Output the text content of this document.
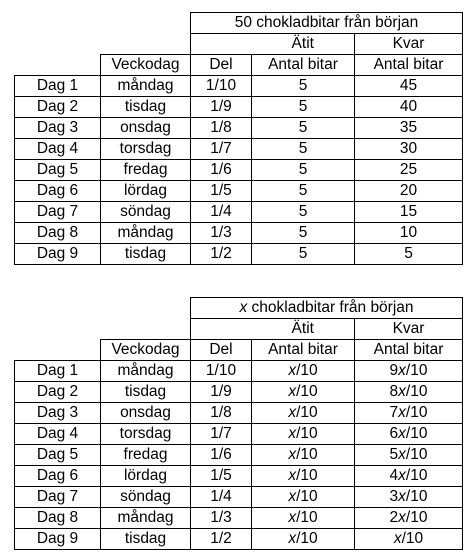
		50 chokladbitar från början		
			Ätit	Kvar
	Veckodag	Del	Antal bitar	Antal bitar
Dag 1	måndag	1/10	5	45
Dag 2	tisdag	1/9	5	40
Dag 3	onsdag	1/8	5	35
Dag 4	torsdag	1/7	5	30
Dag 5	fredag	1/6	5	25
Dag 6	lördag	1/5	5	20
Dag 7	söndag	1/4	5	15
Dag 8	måndag	1/3	5	10
Dag 9	tisdag	1/2	5	5
		x chokladbitar från början		
			Ätit	Kvar
	Veckodag	Del	Antal bitar	Antal bitar
Dag 1	måndag	1/10	x/10	9x/10
Dag 2	tisdag	1/9	x/10	8x/10
Dag 3	onsdag	1/8	x/10	7x/10
Dag 4	torsdag	1/7	x/10	6x/10
Dag 5	fredag	1/6	x/10	5x/10
Dag 6	lördag	1/5	x/10	4x/10
Dag 7	söndag	1/4	x/10	3x/10
Dag 8	måndag	1/3	x/10	2x/10
Dag 9	tisdag	1/2	x/10	x/10
